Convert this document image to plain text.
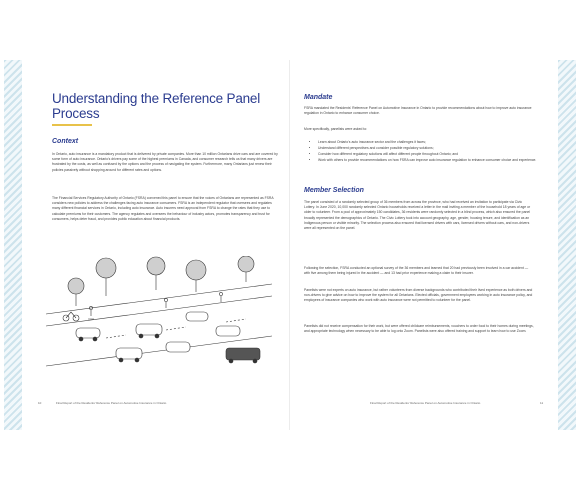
Understanding the Reference Panel Process
Context

In Ontario, auto insurance is a mandatory product that is delivered by private companies. More than 10 million Ontarians drive cars and are covered by some form of auto insurance. Ontario's drivers pay some of the highest premiums in Canada, and consumer research tells us that many drivers are frustrated by the costs, as well as confused by the options and the process of navigating the system. Furthermore, many Ontarians just renew their policies passively without shopping around for different rates and options.

The Financial Services Regulatory Authority of Ontario (FSRA) convened this panel to ensure that the voices of Ontarians are represented as FSRA considers new policies to address the challenges facing auto insurance consumers. FSRA is an independent regulator that oversees and regulates many different financial services in Ontario, including auto insurance. Auto insurers need approval from FSRA to change the rates that they use to calculate premiums for their customers. The agency regulates and oversees the behaviour of industry actors, promotes transparency and trust for consumers, helps deter fraud, and provides public education about financial products.

10	Final Report of the Residents' Reference Panel on Automotive Insurance in Ontario
Mandate

FSRA mandated the Residents' Reference Panel on Automotive Insurance in Ontario to provide recommendations about how to improve auto insurance regulation in Ontario to enhance consumer choice.

More specifically, panelists were asked to:

• Learn about Ontario's auto insurance sector and the challenges it faces;
• Understand different perspectives and consider possible regulatory solutions;
• Consider how different regulatory solutions will affect different people throughout Ontario; and
• Work with others to provide recommendations on how FSRA can improve auto insurance regulation to enhance consumer choice and experience.
Member Selection

The panel consisted of a randomly selected group of 36 members from across the province, who had received an invitation to participate via Civic Lottery. In June 2020, 10,000 randomly selected Ontario households received a letter in the mail inviting a member of the household 18 years of age or older to volunteer. From a pool of approximately 150 candidates, 36 residents were randomly selected in a blind process, which also ensured the panel broadly represented the demographics of Ontario. The Civic Lottery took into account geography, age, gender, housing tenure, and identification as an Indigenous person or visible minority. The selection process also ensured that licensed drivers with cars, licensed drivers without cars, and non-drivers were all represented on the panel.

Following the selection, FSRA conducted an optional survey of the 36 members and learned that 20 had previously been involved in a car accident — with five among them being injured in the accident — and 13 had prior experience making a claim to their insurer.

Panelists were not experts on auto insurance, but rather volunteers from diverse backgrounds who contributed their lived experience as both drivers and non-drivers to give advice on how to improve the system for all Ontarians. Elected officials, government employees working in auto insurance policy, and employees of insurance companies who work with auto insurance were not permitted to volunteer for the panel.

Panelists did not receive compensation for their work, but were offered childcare reimbursements, vouchers to order food to their homes during meetings, and appropriate technology when necessary to be able to log onto Zoom. Panelists were also offered training and support to learn how to use Zoom.

Final Report of the Residents' Reference Panel on Automotive Insurance in Ontario	11
